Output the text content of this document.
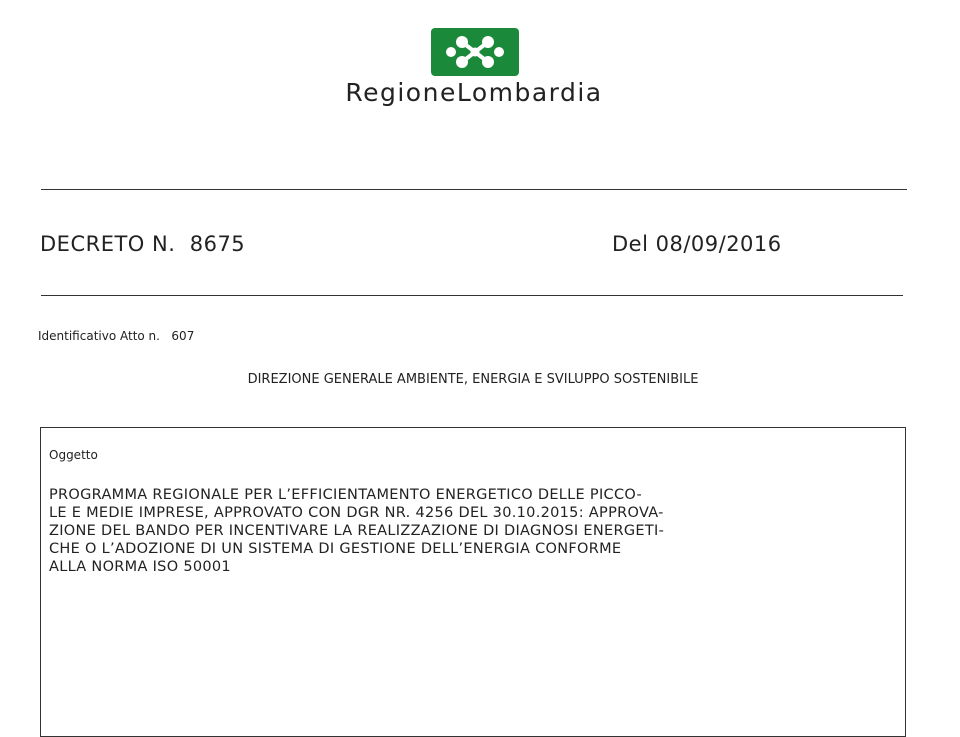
RegioneLombardia
DECRETO N.  8675	Del 08/09/2016
Identificativo Atto n.   607
DIREZIONE GENERALE AMBIENTE, ENERGIA E SVILUPPO SOSTENIBILE
Oggetto
PROGRAMMA REGIONALE PER L’EFFICIENTAMENTO ENERGETICO DELLE PICCO-
LE E MEDIE IMPRESE, APPROVATO CON DGR NR. 4256 DEL 30.10.2015: APPROVA-
ZIONE DEL BANDO PER INCENTIVARE LA REALIZZAZIONE DI DIAGNOSI ENERGETI-
CHE O L’ADOZIONE DI UN SISTEMA DI GESTIONE DELL’ENERGIA CONFORME
ALLA NORMA ISO 50001
